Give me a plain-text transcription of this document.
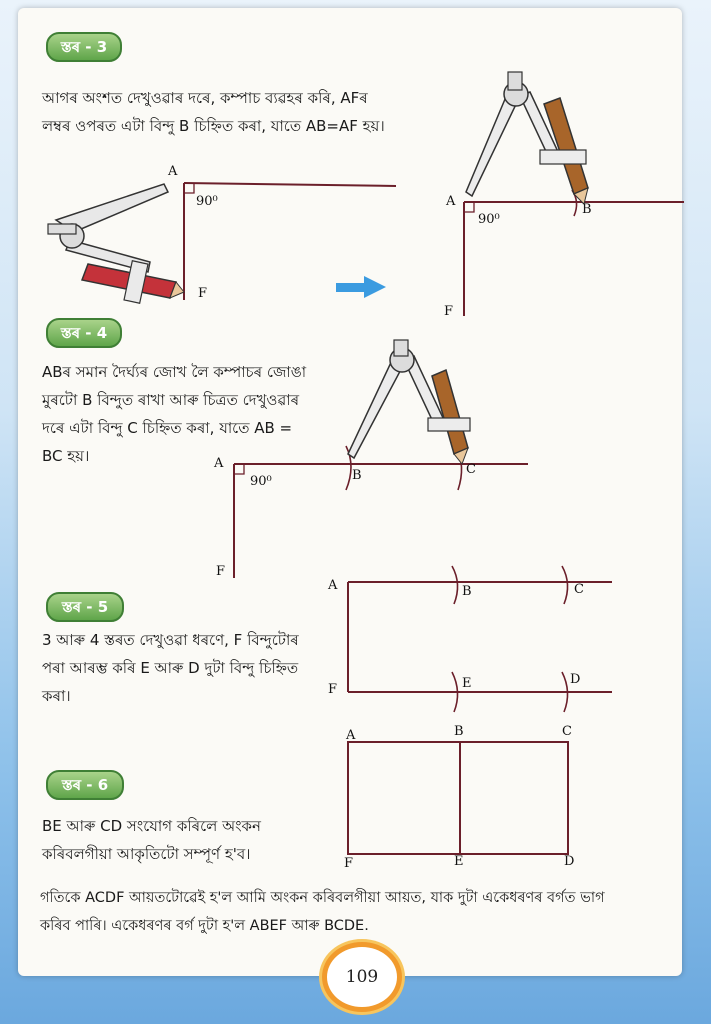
স্তৰ - 3
স্তৰ - 4
স্তৰ - 5
স্তৰ - 6
আগৰ অংশত দেখুওৱাৰ দৰে, কম্পাচ ব্যৱহৰ কৰি, AFৰ
লম্বৰ ওপৰত এটা বিন্দু B চিহ্নিত কৰা, যাতে AB=AF হয়।
ABৰ সমান দৈৰ্ঘ্যৰ জোখ লৈ কম্পাচৰ জোঙা
মুৰটো B বিন্দুত ৰাখা আৰু চিত্ৰত দেখুওৱাৰ
দৰে এটা বিন্দু C চিহ্নিত কৰা, যাতে AB =
BC হয়।
3 আৰু 4 স্তৰত দেখুওৱা ধৰণে, F বিন্দুটোৰ
পৰা আৰম্ভ কৰি E আৰু D দুটা বিন্দু চিহ্নিত
কৰা।
BE আৰু CD সংযোগ কৰিলে অংকন
কৰিবলগীয়া আকৃতিটো সম্পূৰ্ণ হ'ব।
গতিকে ACDF আয়তটোৱেই হ'ল আমি অংকন কৰিবলগীয়া আয়ত, যাক দুটা একেধৰণৰ বৰ্গত ভাগ
কৰিব পাৰি। একেধৰণৰ বৰ্গ দুটা হ'ল ABEF আৰু BCDE.
A
90⁰
F
A
90⁰
B
F
A
90⁰	B	C
F
A	B	C
F	E	D
A	B	C
F	E	D
109
